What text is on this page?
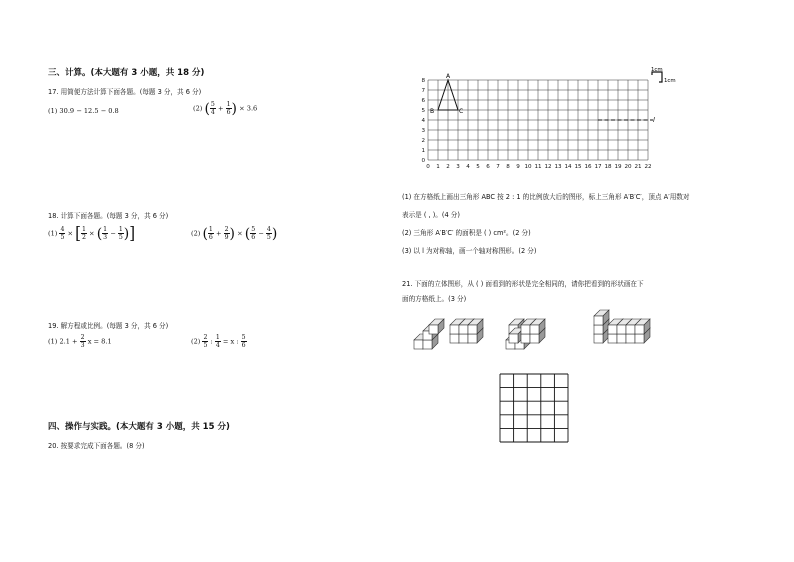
三、计算。(本大题有 3 小题，共 18 分)
17. 用简便方法计算下面各题。(每题 3 分，共 6 分)
(1) 30.9 − 12.5 − 0.8	(2) ( $\frac{5}{4} + \frac{1}{6}$ ) × 3.6
18. 计算下面各题。(每题 3 分，共 6 分)
$(1) \frac{4}{5}$ × [ $\frac{1}{2}$ × ( $\frac{1}{3} - \frac{1}{5}$ )]	(2) ( $\frac{1}{6} + \frac{2}{9}$ ) × ( $\frac{5}{6} - \frac{4}{5}$ )
19. 解方程或比例。(每题 3 分，共 6 分)
(1) $2.1 + \frac{2}{3}$ x = 8.1	$(2) \frac{2}{5}$ : $\frac{1}{4} = x$ : $\frac{5}{6}$
四、操作与实践。(本大题有 3 小题，共 15 分)
20. 按要求完成下面各题。(8 分)
0 1 2 3 4 5 6 7 8 9 10 11 12 13 14 15 16 17 18 19 20 21 22
0
1
2
3
4
5
6
7
8
A
B	C
l
1cm
1cm
(1) 在方格纸上画出三角形 ABC 按 2 : 1 的比例放大后的图形，标上三角形 A′B′C′，顶点 A′用数对
表示是 ( , )。(4 分)
(2) 三角形 A′B′C′ 的面积是 ( ) cm²。(2 分)
(3) 以 l 为对称轴，画一个轴对称图形。(2 分)
21. 下面的立体图形，从 ( ) 面看到的形状是完全相同的，请你把看到的形状画在下
面的方格纸上。(3 分)
